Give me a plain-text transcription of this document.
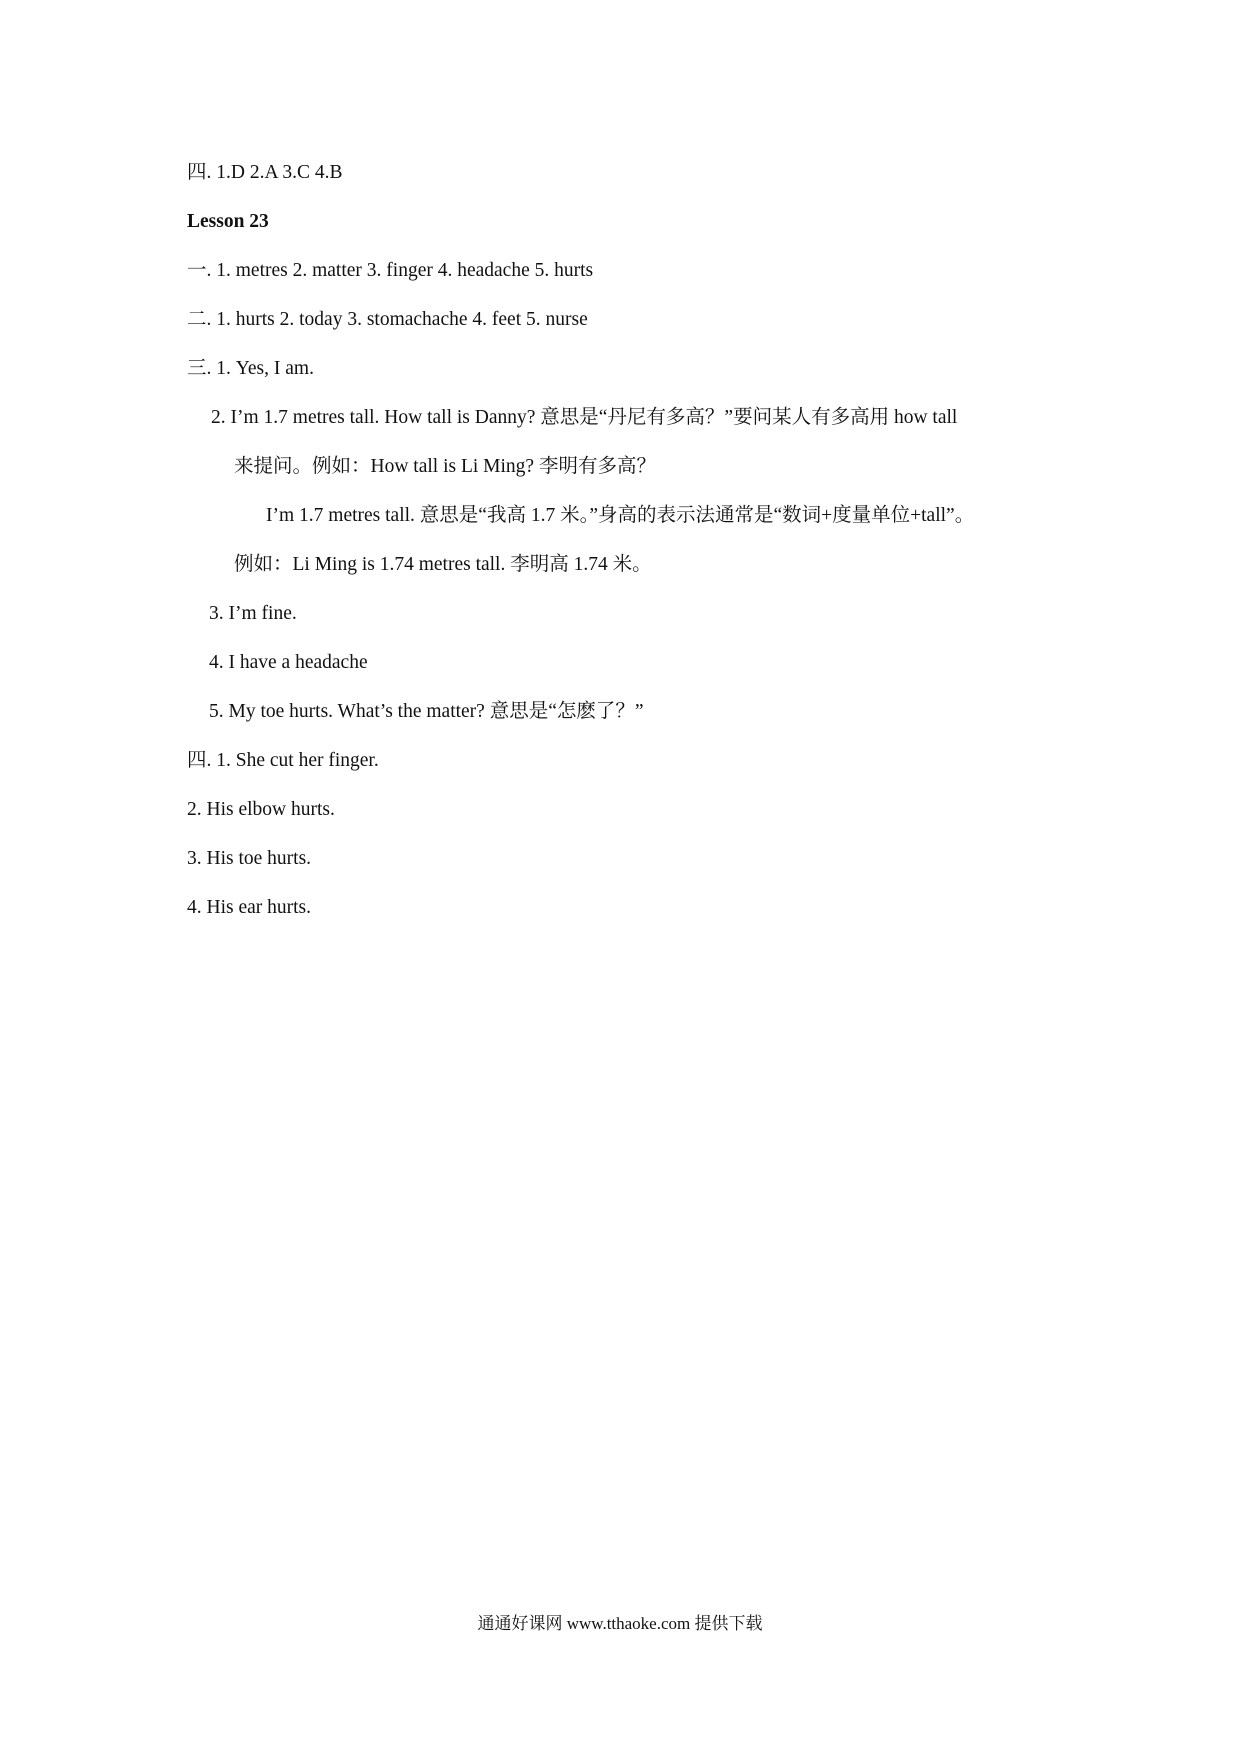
四. 1.D 2.A 3.C 4.B
Lesson 23
一. 1. metres 2. matter 3. finger 4. headache 5. hurts
二. 1. hurts 2. today 3. stomachache 4. feet 5. nurse
三. 1. Yes, I am.
2. I’m 1.7 metres tall. How tall is Danny? 意思是“丹尼有多高？”要问某人有多高用 how tall
来提问。例如：How tall is Li Ming? 李明有多高？
I’m 1.7 metres tall. 意思是“我高 1.7 米。”身高的表示法通常是“数词+度量单位+tall”。
例如：Li Ming is 1.74 metres tall. 李明高 1.74 米。
3. I’m fine.
4. I have a headache
5. My toe hurts. What’s the matter? 意思是“怎麽了？”
四. 1. She cut her finger.
2. His elbow hurts.
3. His toe hurts.
4. His ear hurts.
通通好课网 www.tthaoke.com 提供下载
